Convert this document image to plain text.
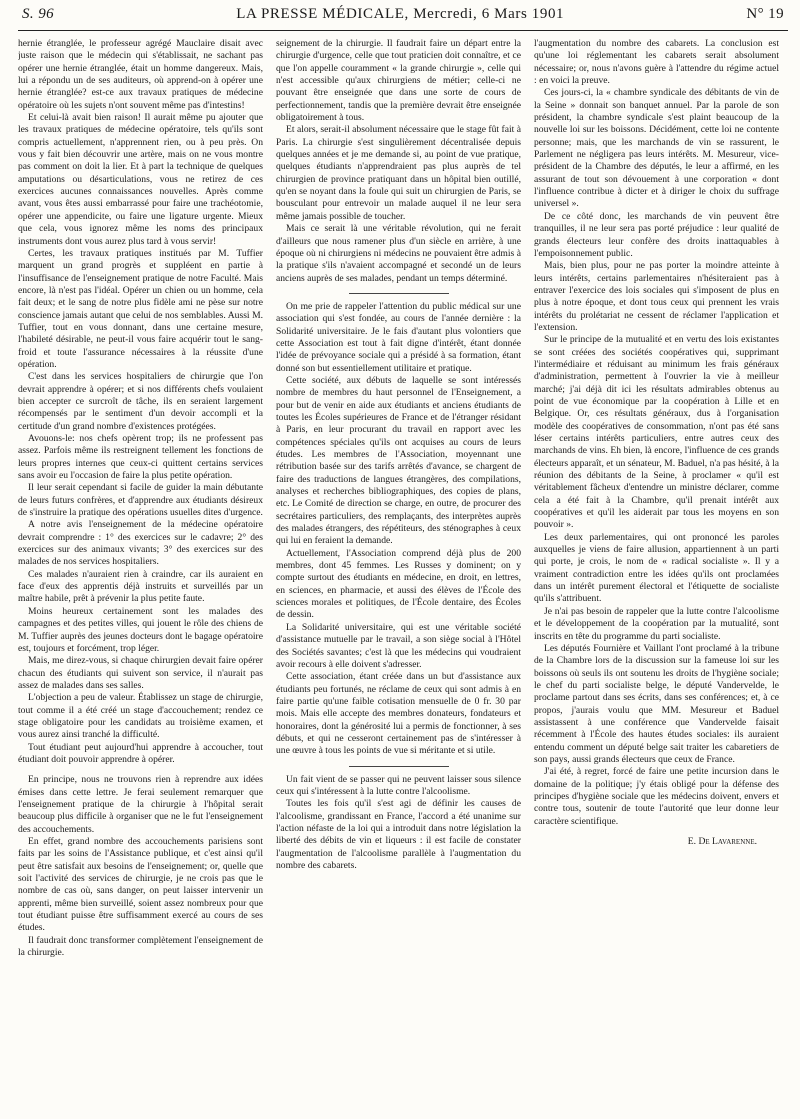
S. 96	LA PRESSE MÉDICALE, Mercredi, 6 Mars 1901	N° 19

hernie étranglée, le professeur agrégé Mauclaire disait avec juste raison que le médecin qui s'établissait, ne sachant pas opérer une hernie étranglée, était un homme dangereux. Mais, lui a répondu un de ses auditeurs, où apprend-on à opérer une hernie étranglée? est-ce aux travaux pratiques de médecine opératoire où les sujets n'ont souvent même pas d'intestins!

Et celui-là avait bien raison! Il aurait même pu ajouter que les travaux pratiques de médecine opératoire, tels qu'ils sont compris actuellement, n'apprennent rien, ou à peu près. On vous y fait bien découvrir une artère, mais on ne vous montre pas comment on doit la lier. Et à part la technique de quelques amputations ou désarticulations, vous ne retirez de ces exercices aucunes connaissances nouvelles. Après comme avant, vous êtes aussi embarrassé pour faire une trachéotomie, opérer une appendicite, ou faire une ligature urgente. Mieux que cela, vous ignorez même les noms des principaux instruments dont vous aurez plus tard à vous servir!

Certes, les travaux pratiques institués par M. Tuffier marquent un grand progrès et suppléent en partie à l'insuffisance de l'enseignement pratique de notre Faculté. Mais encore, là n'est pas l'idéal. Opérer un chien ou un homme, cela fait deux; et le sang de notre plus fidèle ami ne pèse sur notre conscience jamais autant que celui de nos semblables. Aussi M. Tuffier, tout en vous donnant, dans une certaine mesure, l'habileté désirable, ne peut-il vous faire acquérir tout le sang-froid et toute l'assurance nécessaires à la réussite d'une opération.

C'est dans les services hospitaliers de chirurgie que l'on devrait apprendre à opérer; et si nos différents chefs voulaient bien accepter ce surcroît de tâche, ils en seraient largement récompensés par le sentiment d'un devoir accompli et la certitude d'un grand nombre d'existences protégées.

Avouons-le: nos chefs opèrent trop; ils ne professent pas assez. Parfois même ils restreignent tellement les fonctions de leurs propres internes que ceux-ci quittent certains services sans avoir eu l'occasion de faire la plus petite opération.

Il leur serait cependant si facile de guider la main débutante de leurs futurs confrères, et d'apprendre aux étudiants désireux de s'instruire la pratique des opérations usuelles dites d'urgence.

A notre avis l'enseignement de la médecine opératoire devrait comprendre : 1° des exercices sur le cadavre; 2° des exercices sur des animaux vivants; 3° des exercices sur des malades de nos services hospitaliers.

Ces malades n'auraient rien à craindre, car ils auraient en face d'eux des apprentis déjà instruits et surveillés par un maître habile, prêt à prévenir la plus petite faute.

Moins heureux certainement sont les malades des campagnes et des petites villes, qui jouent le rôle des chiens de M. Tuffier auprès des jeunes docteurs dont le bagage opératoire est, toujours et forcément, trop léger.

Mais, me direz-vous, si chaque chirurgien devait faire opérer chacun des étudiants qui suivent son service, il n'aurait pas assez de malades dans ses salles.

L'objection a peu de valeur. Établissez un stage de chirurgie, tout comme il a été créé un stage d'accouchement; rendez ce stage obligatoire pour les candidats au troisième examen, et vous aurez ainsi tranché la difficulté.

Tout étudiant peut aujourd'hui apprendre à accoucher, tout étudiant doit pouvoir apprendre à opérer.

En principe, nous ne trouvons rien à reprendre aux idées émises dans cette lettre. Je ferai seulement remarquer que l'enseignement pratique de la chirurgie à l'hôpital serait beaucoup plus difficile à organiser que ne le fut l'enseignement des accouchements.

En effet, grand nombre des accouchements parisiens sont faits par les soins de l'Assistance publique, et c'est ainsi qu'il peut être satisfait aux besoins de l'enseignement; or, quelle que soit l'activité des services de chirurgie, je ne crois pas que le nombre de cas où, sans danger, on peut laisser intervenir un apprenti, même bien surveillé, soient assez nombreux pour que tout étudiant puisse être suffisamment exercé au cours de ses études.

Il faudrait donc transformer complètement l'enseignement de la chirurgie.

seignement de la chirurgie. Il faudrait faire un départ entre la chirurgie d'urgence, celle que tout praticien doit connaître, et ce que l'on appelle couramment « la grande chirurgie », celle qui n'est accessible qu'aux chirurgiens de métier; celle-ci ne pouvant être enseignée que dans une sorte de cours de perfectionnement, tandis que la première devrait être enseignée obligatoirement à tous.

Et alors, serait-il absolument nécessaire que le stage fût fait à Paris. La chirurgie s'est singulièrement décentralisée depuis quelques années et je me demande si, au point de vue pratique, quelques étudiants n'apprendraient pas plus auprès de tel chirurgien de province pratiquant dans un hôpital bien outillé, qu'en se noyant dans la foule qui suit un chirurgien de Paris, se bousculant pour entrevoir un malade auquel il ne leur sera même jamais possible de toucher.

Mais ce serait là une véritable révolution, qui ne ferait d'ailleurs que nous ramener plus d'un siècle en arrière, à une époque où ni chirurgiens ni médecins ne pouvaient être admis à la pratique s'ils n'avaient accompagné et secondé un de leurs anciens auprès de ses malades, pendant un temps déterminé.

On me prie de rappeler l'attention du public médical sur une association qui s'est fondée, au cours de l'année dernière : la Solidarité universitaire. Je le fais d'autant plus volontiers que cette Association est tout à fait digne d'intérêt, étant donnée l'idée de prévoyance sociale qui a présidé à sa formation, étant donné son but essentiellement utilitaire et pratique.

Cette société, aux débuts de laquelle se sont intéressés nombre de membres du haut personnel de l'Enseignement, a pour but de venir en aide aux étudiants et anciens étudiants de toutes les Écoles supérieures de France et de l'étranger résidant à Paris, en leur procurant du travail en rapport avec les compétences spéciales qu'ils ont acquises au cours de leurs études. Les membres de l'Association, moyennant une rétribution basée sur des tarifs arrêtés d'avance, se chargent de faire des traductions de langues étrangères, des compilations, analyses et recherches bibliographiques, des copies de plans, etc. Le Comité de direction se charge, en outre, de procurer des secrétaires particuliers, des remplaçants, des interprètes auprès des malades étrangers, des répétiteurs, des sténographes à ceux qui lui en feraient la demande.

Actuellement, l'Association comprend déjà plus de 200 membres, dont 45 femmes. Les Russes y dominent; on y compte surtout des étudiants en médecine, en droit, en lettres, en sciences, en pharmacie, et aussi des élèves de l'École des sciences morales et politiques, de l'École dentaire, des Écoles de dessin.

La Solidarité universitaire, qui est une véritable société d'assistance mutuelle par le travail, a son siège social à l'Hôtel des Sociétés savantes; c'est là que les médecins qui voudraient avoir recours à elle doivent s'adresser.

Cette association, étant créée dans un but d'assistance aux étudiants peu fortunés, ne réclame de ceux qui sont admis à en faire partie qu'une faible cotisation mensuelle de 0 fr. 30 par mois. Mais elle accepte des membres donateurs, fondateurs et honoraires, dont la générosité lui a permis de fonctionner, à ses débuts, et qui ne cesseront certainement pas de s'intéresser à une œuvre à tous les points de vue si méritante et si utile.

Un fait vient de se passer qui ne peuvent laisser sous silence ceux qui s'intéressent à la lutte contre l'alcoolisme.

Toutes les fois qu'il s'est agi de définir les causes de l'alcoolisme, grandissant en France, l'accord a été unanime sur l'action néfaste de la loi qui a introduit dans notre législation la liberté des débits de vin et liqueurs : il est facile de constater l'augmentation de l'alcoolisme parallèle à l'augmentation du nombre des cabarets.

l'augmentation du nombre des cabarets. La conclusion est qu'une loi réglementant les cabarets serait absolument nécessaire; or, nous n'avons guère à l'attendre du régime actuel : en voici la preuve.

Ces jours-ci, la « chambre syndicale des débitants de vin de la Seine » donnait son banquet annuel. Par la parole de son président, la chambre syndicale s'est plaint beaucoup de la nouvelle loi sur les boissons. Décidément, cette loi ne contente personne; mais, que les marchands de vin se rassurent, le Parlement ne négligera pas leurs intérêts. M. Mesureur, vice-président de la Chambre des députés, le leur a affirmé, en les assurant de tout son dévouement à une corporation « dont l'influence contribue à dicter et à diriger le choix du suffrage universel ».

De ce côté donc, les marchands de vin peuvent être tranquilles, il ne leur sera pas porté préjudice : leur qualité de grands électeurs leur confère des droits inattaquables à l'empoisonnement public.

Mais, bien plus, pour ne pas porter la moindre atteinte à leurs intérêts, certains parlementaires n'hésiteraient pas à entraver l'exercice des lois sociales qui s'imposent de plus en plus à notre époque, et dont tous ceux qui prennent les vrais intérêts du prolétariat ne cessent de réclamer l'application et l'extension.

Sur le principe de la mutualité et en vertu des lois existantes se sont créées des sociétés coopératives qui, supprimant l'intermédiaire et réduisant au minimum les frais généraux d'administration, permettent à l'ouvrier la vie à meilleur marché; j'ai déjà dit ici les résultats admirables obtenus au point de vue économique par la coopération à Lille et en Belgique. Or, ces résultats généraux, dus à l'organisation modèle des coopératives de consommation, n'ont pas été sans léser certains intérêts particuliers, entre autres ceux des marchands de vins. Eh bien, là encore, l'influence de ces grands électeurs apparaît, et un sénateur, M. Baduel, n'a pas hésité, à la réunion des débitants de la Seine, à proclamer « qu'il est véritablement fâcheux d'entendre un ministre déclarer, comme cela a été fait à la Chambre, qu'il prenait intérêt aux coopératives et qu'il les aiderait par tous les moyens en son pouvoir ».

Les deux parlementaires, qui ont prononcé les paroles auxquelles je viens de faire allusion, appartiennent à un parti qui porte, je crois, le nom de « radical socialiste ». Il y a vraiment contradiction entre les idées qu'ils ont proclamées dans un intérêt purement électoral et l'étiquette de socialiste qu'ils s'attribuent.

Je n'ai pas besoin de rappeler que la lutte contre l'alcoolisme et le développement de la coopération par la mutualité, sont inscrits en tête du programme du parti socialiste.

Les députés Fournière et Vaillant l'ont proclamé à la tribune de la Chambre lors de la discussion sur la fameuse loi sur les boissons où seuls ils ont soutenu les droits de l'hygiène sociale; le chef du parti socialiste belge, le député Vandervelde, le proclame partout dans ses écrits, dans ses conférences; et, à ce propos, j'aurais voulu que MM. Mesureur et Baduel assistassent à une conférence que Vandervelde faisait récemment à l'École des hautes études sociales: ils auraient entendu comment un député belge sait traiter les cabaretiers de son pays, aussi grands électeurs que ceux de France.

J'ai été, à regret, forcé de faire une petite incursion dans le domaine de la politique; j'y étais obligé pour la défense des principes d'hygiène sociale que les médecins doivent, envers et contre tous, soutenir de toute l'autorité que leur donne leur caractère scientifique.

E. De Lavarenne.
